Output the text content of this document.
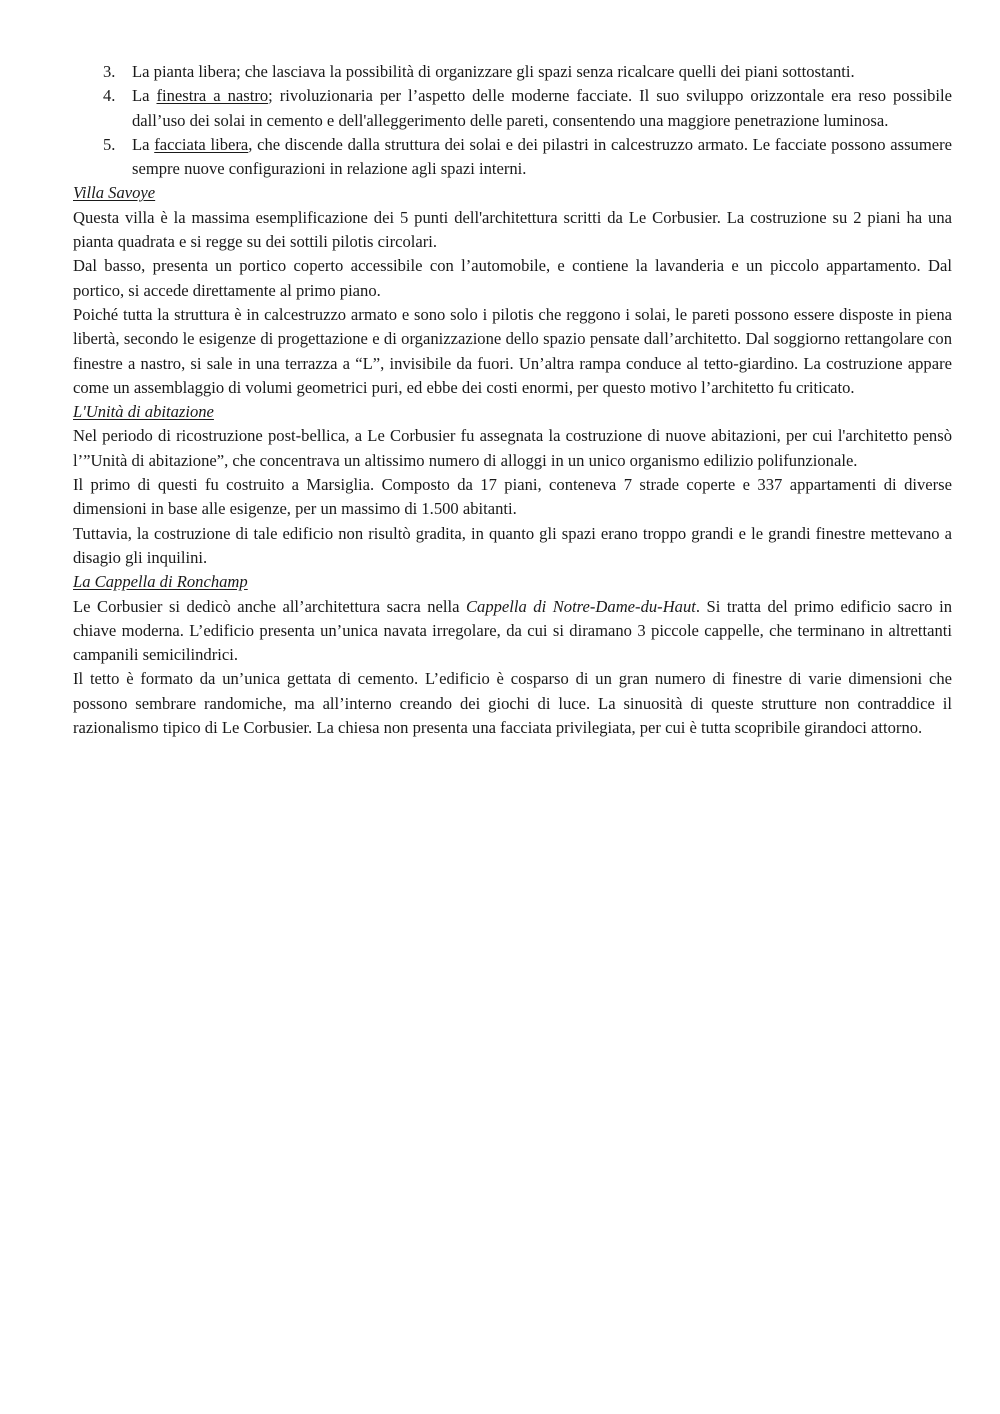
3. La pianta libera; che lasciava la possibilità di organizzare gli spazi senza ricalcare quelli dei piani sottostanti.
4. La finestra a nastro; rivoluzionaria per l’aspetto delle moderne facciate. Il suo sviluppo orizzontale era reso possibile dall’uso dei solai in cemento e dell'alleggerimento delle pareti, consentendo una maggiore penetrazione luminosa.
5. La facciata libera, che discende dalla struttura dei solai e dei pilastri in calcestruzzo armato. Le facciate possono assumere sempre nuove configurazioni in relazione agli spazi interni.
Villa Savoye

Questa villa è la massima esemplificazione dei 5 punti dell'architettura scritti da Le Corbusier. La costruzione su 2 piani ha una pianta quadrata e si regge su dei sottili pilotis circolari.

Dal basso, presenta un portico coperto accessibile con l’automobile, e contiene la lavanderia e un piccolo appartamento. Dal portico, si accede direttamente al primo piano.

Poiché tutta la struttura è in calcestruzzo armato e sono solo i pilotis che reggono i solai, le pareti possono essere disposte in piena libertà, secondo le esigenze di progettazione e di organizzazione dello spazio pensate dall’architetto. Dal soggiorno rettangolare con finestre a nastro, si sale in una terrazza a “L”, invisibile da fuori. Un’altra rampa conduce al tetto-giardino. La costruzione appare come un assemblaggio di volumi geometrici puri, ed ebbe dei costi enormi, per questo motivo l’architetto fu criticato.

L'Unità di abitazione

Nel periodo di ricostruzione post-bellica, a Le Corbusier fu assegnata la costruzione di nuove abitazioni, per cui l'architetto pensò l’”Unità di abitazione”, che concentrava un altissimo numero di alloggi in un unico organismo edilizio polifunzionale.

Il primo di questi fu costruito a Marsiglia. Composto da 17 piani, conteneva 7 strade coperte e 337 appartamenti di diverse dimensioni in base alle esigenze, per un massimo di 1.500 abitanti.

Tuttavia, la costruzione di tale edificio non risultò gradita, in quanto gli spazi erano troppo grandi e le grandi finestre mettevano a disagio gli inquilini.

La Cappella di Ronchamp

Le Corbusier si dedicò anche all’architettura sacra nella Cappella di Notre-Dame-du-Haut. Si tratta del primo edificio sacro in chiave moderna. L’edificio presenta un’unica navata irregolare, da cui si diramano 3 piccole cappelle, che terminano in altrettanti campanili semicilindrici.

Il tetto è formato da un’unica gettata di cemento. L’edificio è cosparso di un gran numero di finestre di varie dimensioni che possono sembrare randomiche, ma all’interno creando dei giochi di luce. La sinuosità di queste strutture non contraddice il razionalismo tipico di Le Corbusier. La chiesa non presenta una facciata privilegiata, per cui è tutta scopribile girandoci attorno.
